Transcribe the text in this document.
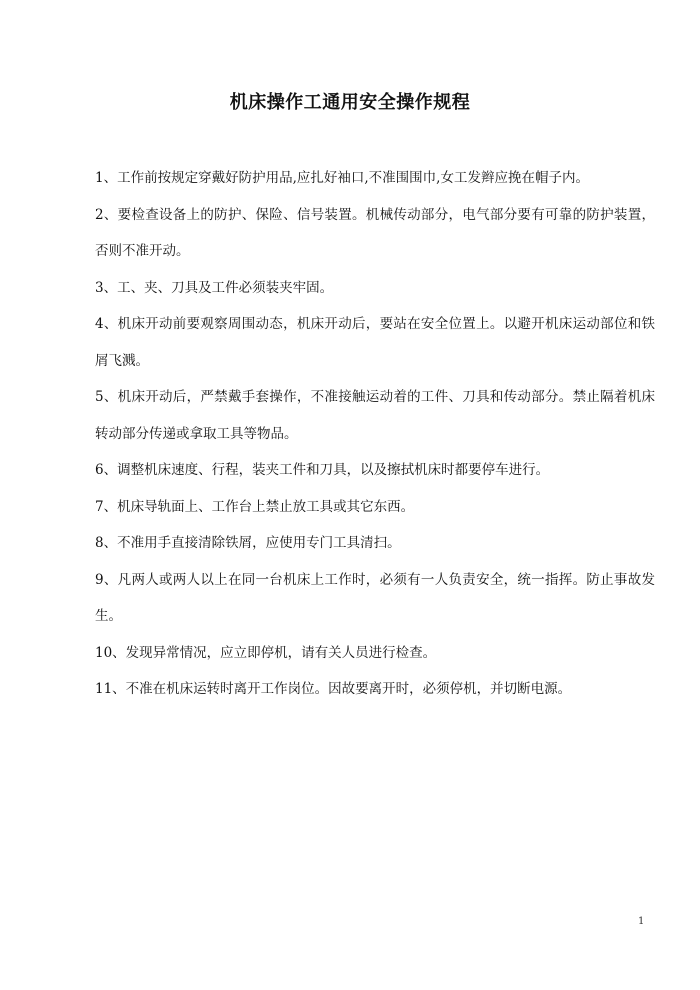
机床操作工通用安全操作规程
1、工作前按规定穿戴好防护用品,应扎好袖口,不准围围巾,女工发辫应挽在帽子内。
2、要检查设备上的防护、保险、信号装置。机械传动部分，电气部分要有可靠的防护装置，否则不准开动。
3、工、夹、刀具及工件必须装夹牢固。
4、机床开动前要观察周围动态，机床开动后，要站在安全位置上。以避开机床运动部位和铁屑飞溅。
5、机床开动后，严禁戴手套操作，不准接触运动着的工件、刀具和传动部分。禁止隔着机床转动部分传递或拿取工具等物品。
6、调整机床速度、行程，装夹工件和刀具，以及擦拭机床时都要停车进行。
7、机床导轨面上、工作台上禁止放工具或其它东西。
8、不准用手直接清除铁屑，应使用专门工具清扫。
9、凡两人或两人以上在同一台机床上工作时，必须有一人负责安全，统一指挥。防止事故发生。
10、发现异常情况，应立即停机，请有关人员进行检查。
11、不准在机床运转时离开工作岗位。因故要离开时，必须停机，并切断电源。
1
